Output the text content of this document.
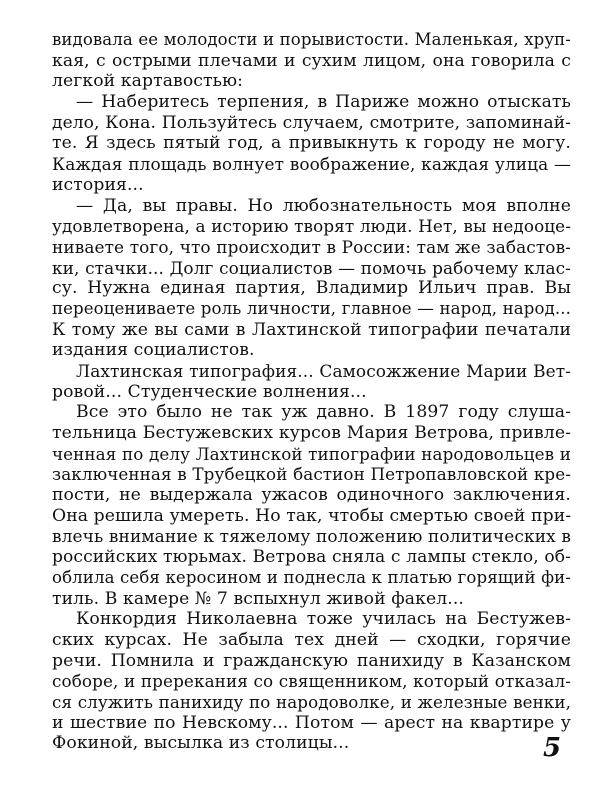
видовала ее молодости и порывистости. Маленькая, хруп-
кая, с острыми плечами и сухим лицом, она говорила с
легкой картавостью:
— Наберитесь терпения, в Париже можно отыскать
дело, Кона. Пользуйтесь случаем, смотрите, запоминай-
те. Я здесь пятый год, а привыкнуть к городу не могу.
Каждая площадь волнует воображение, каждая улица —
история...
— Да, вы правы. Но любознательность моя вполне
удовлетворена, а историю творят люди. Нет, вы недооце-
ниваете того, что происходит в России: там же забастов-
ки, стачки... Долг социалистов — помочь рабочему клас-
су. Нужна единая партия, Владимир Ильич прав. Вы
переоцениваете роль личности, главное — народ, народ...
К тому же вы сами в Лахтинской типографии печатали
издания социалистов.
Лахтинская типография... Самосожжение Марии Вет-
ровой... Студенческие волнения...
Все это было не так уж давно. В 1897 году слуша-
тельница Бестужевских курсов Мария Ветрова, привле-
ченная по делу Лахтинской типографии народовольцев и
заключенная в Трубецкой бастион Петропавловской кре-
пости, не выдержала ужасов одиночного заключения.
Она решила умереть. Но так, чтобы смертью своей при-
влечь внимание к тяжелому положению политических в
российских тюрьмах. Ветрова сняла с лампы стекло, об-
облила себя керосином и поднесла к платью горящий фи-
тиль. В камере № 7 вспыхнул живой факел...
Конкордия Николаевна тоже училась на Бестужев-
ских курсах. Не забыла тех дней — сходки, горячие
речи. Помнила и гражданскую панихиду в Казанском
соборе, и пререкания со священником, который отказал-
ся служить панихиду по народоволке, и железные венки,
и шествие по Невскому... Потом — арест на квартире у
Фокиной, высылка из столицы...	5
